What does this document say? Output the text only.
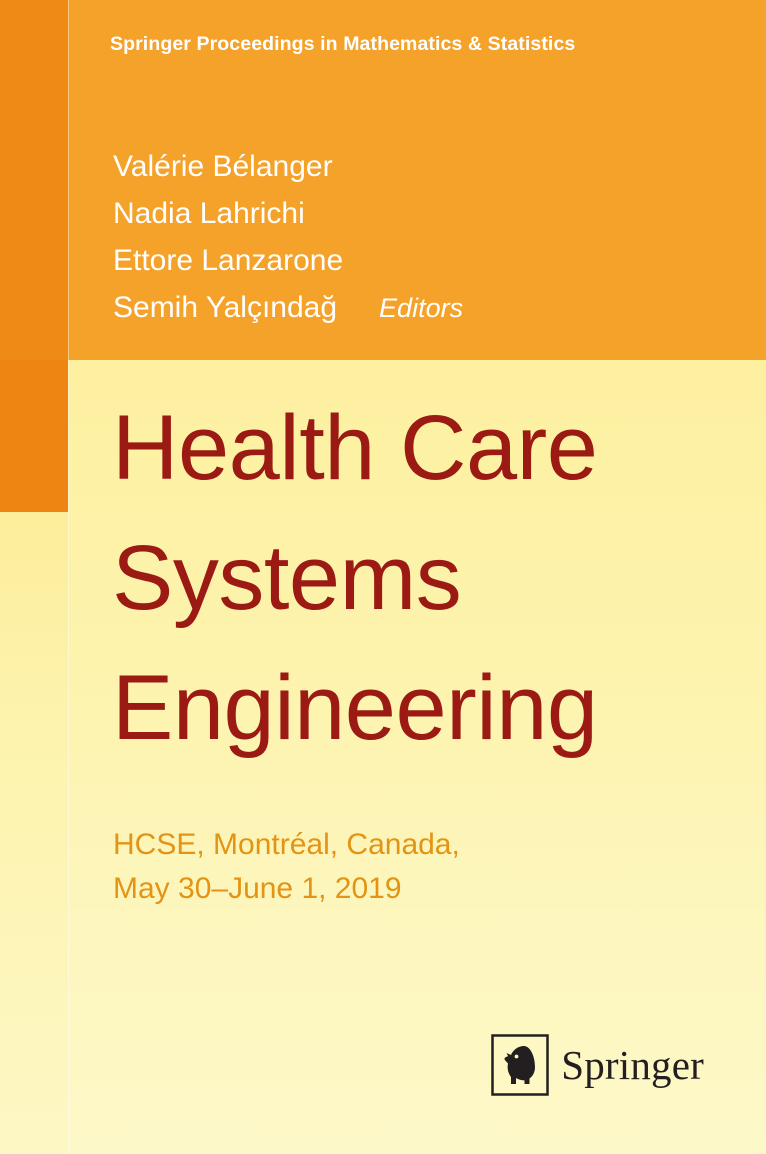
Springer Proceedings in Mathematics & Statistics
Valérie Bélanger
Nadia Lahrichi
Ettore Lanzarone
Semih Yalçındağ Editors
Health Care
Systems
Engineering
HCSE, Montréal, Canada,
May 30–June 1, 2019
Springer
